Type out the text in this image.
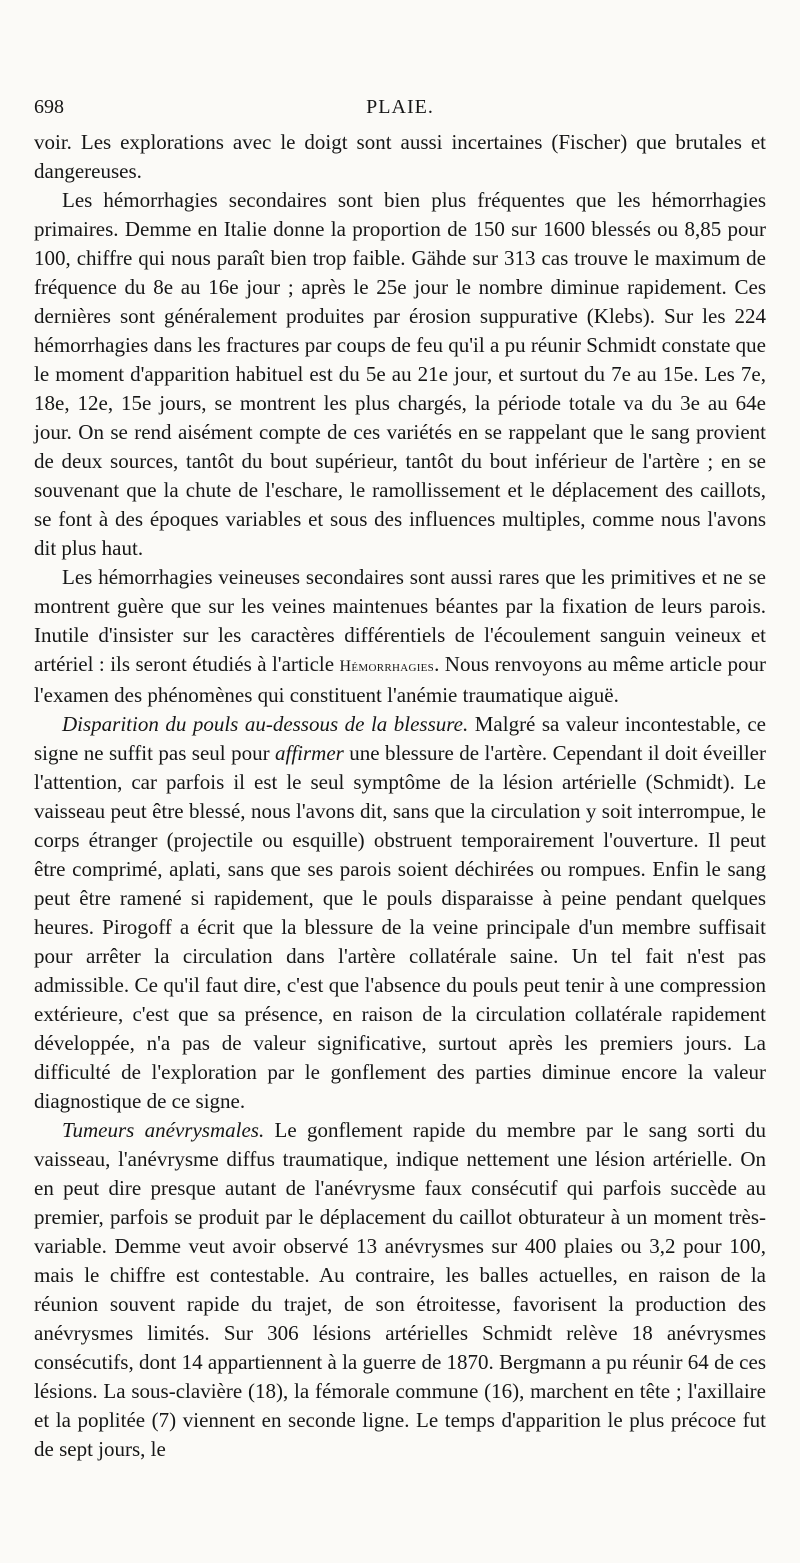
698	PLAIE.

voir. Les explorations avec le doigt sont aussi incertaines (Fischer) que brutales et dangereuses.

Les hémorrhagies secondaires sont bien plus fréquentes que les hémorrhagies primaires. Demme en Italie donne la proportion de 150 sur 1600 blessés ou 8,85 pour 100, chiffre qui nous paraît bien trop faible. Gähde sur 313 cas trouve le maximum de fréquence du 8e au 16e jour ; après le 25e jour le nombre diminue rapidement. Ces dernières sont généralement produites par érosion suppurative (Klebs). Sur les 224 hémorrhagies dans les fractures par coups de feu qu'il a pu réunir Schmidt constate que le moment d'apparition habituel est du 5e au 21e jour, et surtout du 7e au 15e. Les 7e, 18e, 12e, 15e jours, se montrent les plus chargés, la période totale va du 3e au 64e jour. On se rend aisément compte de ces variétés en se rappelant que le sang provient de deux sources, tantôt du bout supérieur, tantôt du bout inférieur de l'artère ; en se souvenant que la chute de l'eschare, le ramollissement et le déplacement des caillots, se font à des époques variables et sous des influences multiples, comme nous l'avons dit plus haut.

Les hémorrhagies veineuses secondaires sont aussi rares que les primitives et ne se montrent guère que sur les veines maintenues béantes par la fixation de leurs parois. Inutile d'insister sur les caractères différentiels de l'écoulement sanguin veineux et artériel : ils seront étudiés à l'article Hémorrhagies. Nous renvoyons au même article pour l'examen des phénomènes qui constituent l'anémie traumatique aiguë.

Disparition du pouls au-dessous de la blessure. Malgré sa valeur incontestable, ce signe ne suffit pas seul pour affirmer une blessure de l'artère. Cependant il doit éveiller l'attention, car parfois il est le seul symptôme de la lésion artérielle (Schmidt). Le vaisseau peut être blessé, nous l'avons dit, sans que la circulation y soit interrompue, le corps étranger (projectile ou esquille) obstruent temporairement l'ouverture. Il peut être comprimé, aplati, sans que ses parois soient déchirées ou rompues. Enfin le sang peut être ramené si rapidement, que le pouls disparaisse à peine pendant quelques heures. Pirogoff a écrit que la blessure de la veine principale d'un membre suffisait pour arrêter la circulation dans l'artère collatérale saine. Un tel fait n'est pas admissible. Ce qu'il faut dire, c'est que l'absence du pouls peut tenir à une compression extérieure, c'est que sa présence, en raison de la circulation collatérale rapidement développée, n'a pas de valeur significative, surtout après les premiers jours. La difficulté de l'exploration par le gonflement des parties diminue encore la valeur diagnostique de ce signe.

Tumeurs anévrysmales. Le gonflement rapide du membre par le sang sorti du vaisseau, l'anévrysme diffus traumatique, indique nettement une lésion artérielle. On en peut dire presque autant de l'anévrysme faux consécutif qui parfois succède au premier, parfois se produit par le déplacement du caillot obturateur à un moment très-variable. Demme veut avoir observé 13 anévrysmes sur 400 plaies ou 3,2 pour 100, mais le chiffre est contestable. Au contraire, les balles actuelles, en raison de la réunion souvent rapide du trajet, de son étroitesse, favorisent la production des anévrysmes limités. Sur 306 lésions artérielles Schmidt relève 18 anévrysmes consécutifs, dont 14 appartiennent à la guerre de 1870. Bergmann a pu réunir 64 de ces lésions. La sous-clavière (18), la fémorale commune (16), marchent en tête ; l'axillaire et la poplitée (7) viennent en seconde ligne. Le temps d'apparition le plus précoce fut de sept jours, le
